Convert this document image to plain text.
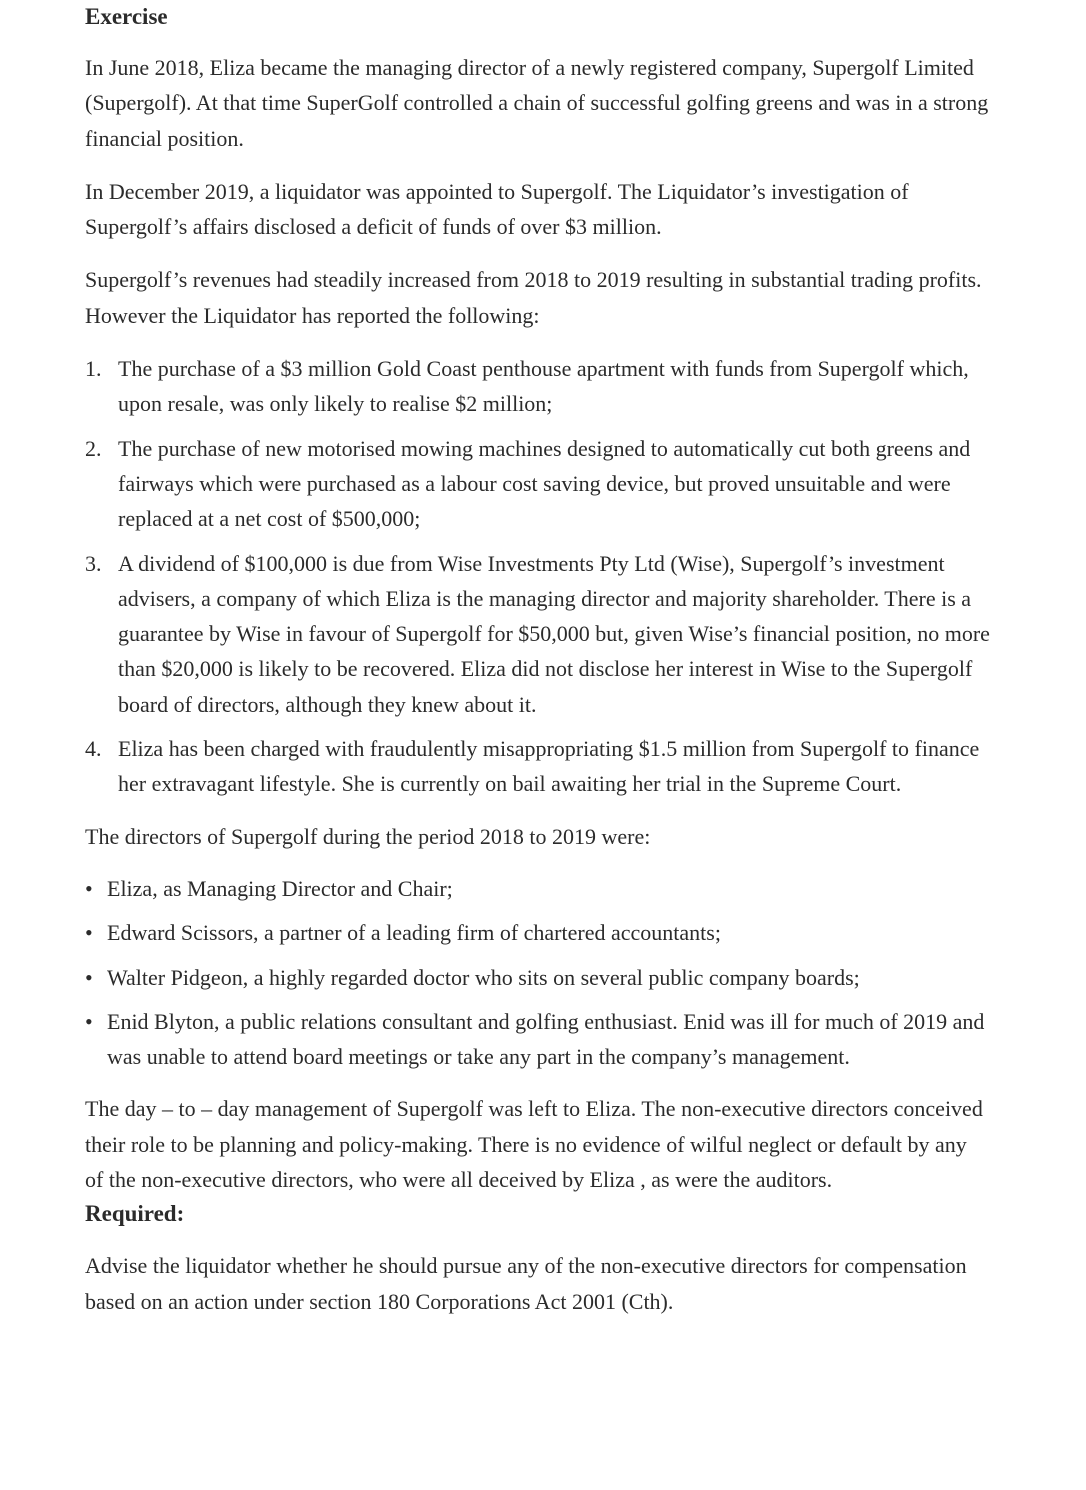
Exercise

In June 2018, Eliza became the managing director of a newly registered company, Supergolf Limited (Supergolf). At that time SuperGolf controlled a chain of successful golfing greens and was in a strong financial position.

In December 2019, a liquidator was appointed to Supergolf. The Liquidator’s investigation of Supergolf’s affairs disclosed a deficit of funds of over $3 million.

Supergolf’s revenues had steadily increased from 2018 to 2019 resulting in substantial trading profits. However the Liquidator has reported the following:

1. The purchase of a $3 million Gold Coast penthouse apartment with funds from Supergolf which, upon resale, was only likely to realise $2 million;
2. The purchase of new motorised mowing machines designed to automatically cut both greens and fairways which were purchased as a labour cost saving device, but proved unsuitable and were replaced at a net cost of $500,000;
3. A dividend of $100,000 is due from Wise Investments Pty Ltd (Wise), Supergolf’s investment advisers, a company of which Eliza is the managing director and majority shareholder. There is a guarantee by Wise in favour of Supergolf for $50,000 but, given Wise’s financial position, no more than $20,000 is likely to be recovered. Eliza did not disclose her interest in Wise to the Supergolf board of directors, although they knew about it.
4. Eliza has been charged with fraudulently misappropriating $1.5 million from Supergolf to finance her extravagant lifestyle. She is currently on bail awaiting her trial in the Supreme Court.

The directors of Supergolf during the period 2018 to 2019 were:

• Eliza, as Managing Director and Chair;
• Edward Scissors, a partner of a leading firm of chartered accountants;
• Walter Pidgeon, a highly regarded doctor who sits on several public company boards;
• Enid Blyton, a public relations consultant and golfing enthusiast. Enid was ill for much of 2019 and was unable to attend board meetings or take any part in the company’s management.

The day – to – day management of Supergolf was left to Eliza. The non-executive directors conceived their role to be planning and policy-making. There is no evidence of wilful neglect or default by any of the non-executive directors, who were all deceived by Eliza , as were the auditors.

Required:

Advise the liquidator whether he should pursue any of the non-executive directors for compensation based on an action under section 180 Corporations Act 2001 (Cth).
